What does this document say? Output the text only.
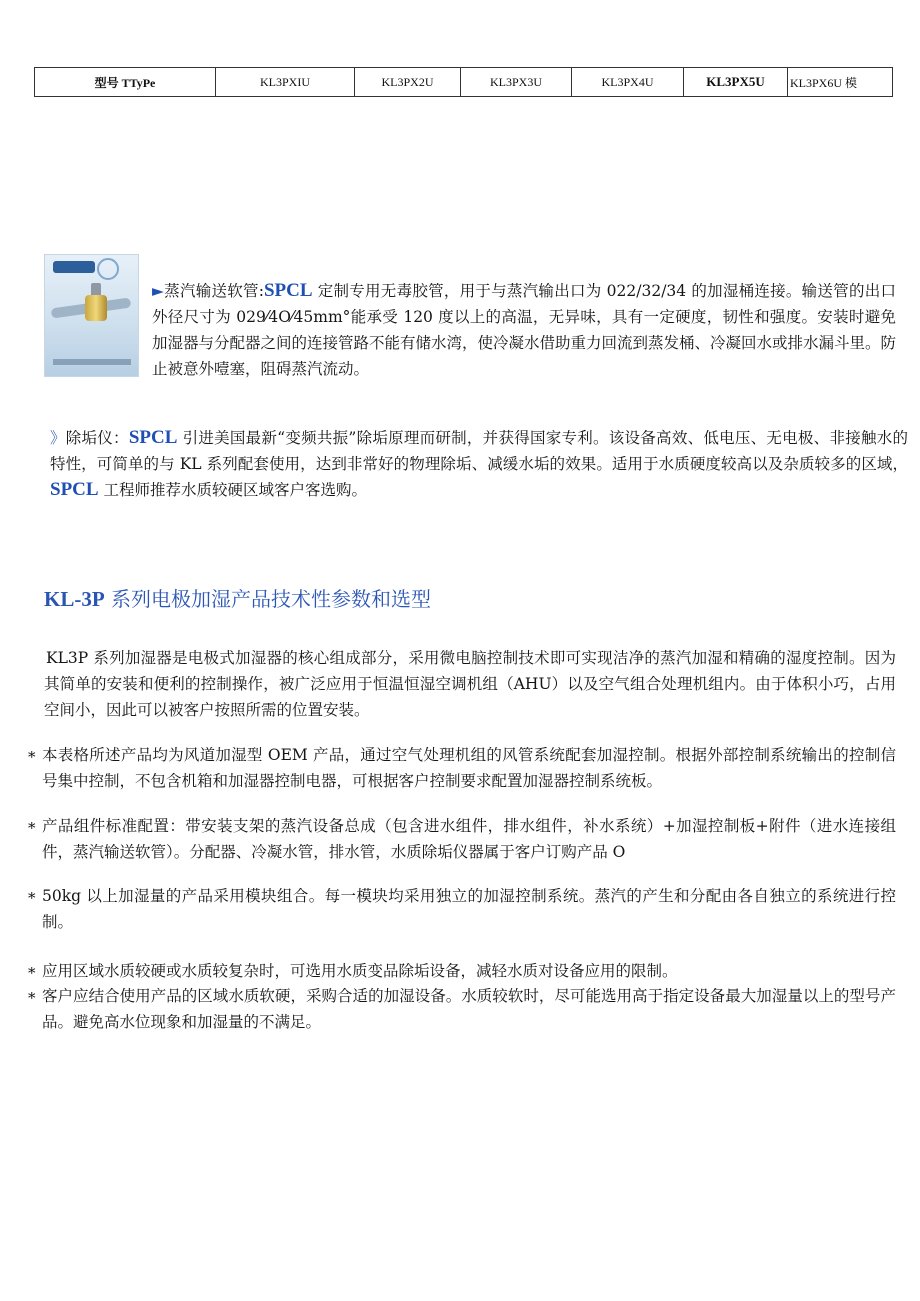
型号 TTyPe	KL3PXIU	KL3PX2U	KL3PX3U	KL3PX4U	KL3PX5U	KL3PX6U 模
►蒸汽输送软管:SPCL 定制专用无毒胶管，用于与蒸汽输出口为 022/32/34 的加湿桶连接。输送管的出口外径尺寸为 029⁄4O⁄45mm°能承受 120 度以上的高温，无异味，具有一定硬度，韧性和强度。安装时避免加湿器与分配器之间的连接管路不能有储水湾，使冷凝水借助重力回流到蒸发桶、冷凝回水或排水漏斗里。防止被意外噎塞，阻碍蒸汽流动。
》除垢仪：SPCL 引进美国最新“变频共振”除垢原理而研制，并获得国家专利。该设备高效、低电压、无电极、非接触水的特性，可简单的与 KL 系列配套使用，达到非常好的物理除垢、减缓水垢的效果。适用于水质硬度较高以及杂质较多的区域，SPCL 工程师推荐水质较硬区域客户客选购。
KL-3P 系列电极加湿产品技术性参数和选型
KL3P 系列加湿器是电极式加湿器的核心组成部分，采用微电脑控制技术即可实现洁净的蒸汽加湿和精确的湿度控制。因为其简单的安装和便利的控制操作，被广泛应用于恒温恒湿空调机组（AHU）以及空气组合处理机组内。由于体积小巧，占用空间小，因此可以被客户按照所需的位置安装。
* 本表格所述产品均为风道加湿型 OEM 产品，通过空气处理机组的风管系统配套加湿控制。根据外部控制系统输出的控制信号集中控制，不包含机箱和加湿器控制电器，可根据客户控制要求配置加湿器控制系统板。
* 产品组件标准配置：带安装支架的蒸汽设备总成（包含进水组件，排水组件，补水系统）+加湿控制板+附件（进水连接组件，蒸汽输送软管）。分配器、冷凝水管，排水管，水质除垢仪器属于客户订购产品 O
* 50kg 以上加湿量的产品采用模块组合。每一模块均采用独立的加湿控制系统。蒸汽的产生和分配由各自独立的系统进行控制。
* 应用区域水质较硬或水质较复杂时，可选用水质变品除垢设备，减轻水质对设备应用的限制。
* 客户应结合使用产品的区域水质软硬，采购合适的加湿设备。水质较软时，尽可能选用高于指定设备最大加湿量以上的型号产品。避免高水位现象和加湿量的不满足。
